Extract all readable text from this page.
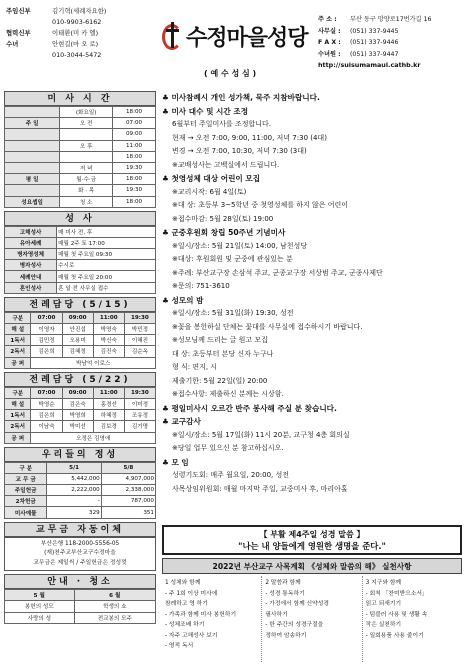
주임신부	김기혁(세례자요한)
010-9903-6162
협력신부	이태환(미 카 엘)
수녀	안현길(마 오 로)
010-3044-5472
수정마을성당
( 예 수 성 심 )
주 소 :	부산 동구 망양로17번가길 16
사무실 :	(051) 337-9445
F A X :	(051) 337-9446
수녀원 :	(051) 337-9447
http://suisumamaul.cathb.kr
미 사 시 간
	(화요일)	18:00
주 일	오 전	07:00
		09:00
	오 후	11:00
		18:00
	저 녁	19:30
평 일	월·수·금	18:00
	화 · 목	19:30
성요셉일	청 소	18:00
성 사
고해성사	매 미사 전, 후
유아세례	매월 2주 토 17:00
병자영성체	매월 첫 주요일 09:30
병자성사	수시로
세례안내	매월 첫 주요일 20:00
혼인성사	혼 일 전 사무실 접수
전례담당 (5/15)
구분	07:00	09:00	11:00	19:30
해 설	이영자	안진섭	박영숙	박민정
1독서	김민정	오용미	박신숙	이혜진
2독서	김은희	김혜정	김진숙	김순옥
공 퍼	박남억 이로스			
전례담당 (5/22)
구분	07:00	09:00	11:00	19:30
해 설	박영순	김은숙	홍경선	이미정
1독서	김은희	박영희	하혜정	조유정
2독서	이남숙	박미선	김보경	김기명
공 퍼	오정은 김영애			
우리들의 정성
구 분	5/1	5/8
교 무 금	5,442,000	4,907,000
주일헌금	2,222,000	2,338,000
2차헌금	-	787,000
미사예물	329	351
교무금 자동이체
부산은행 118-2000-5556-05
(재)천주교부산교구수정마을
교무금은 제일씩 / 주일헌금은 정성껏
안내 · 청소
5 월	6 월
봉헌의 성모	학생의 쇼
사랑의 성	전교봉의 모주
♣ 미사참례시 개인 성가책, 묵주 지참바랍니다.
♣ 미사 대수 및 시간 조정
6월부터 주일미사를 조정합니다.
현재 → 오전 7:00, 9:00, 11:00, 저녁 7:30 (4대)
변경 → 오전 7:00, 10:30, 저녁 7:30 (3대)
※교배성사는 고백실에서 드립니다.
♣ 첫영성체 대상 어린이 모집
※교리시작: 6월 4일(토)
※대 상: 초등부 3~5학년 중 첫영성체를 하지 않은 어린이
※접수마감: 5월 28일(토) 19:00
♣ 군중후원회 창립 50주년 기념미사
※일시/장소: 5월 21일(토) 14:00, 남천성당
※대상: 후원회원 및 군중에 관심있는 분
※주례: 부산교구장 손삼석 주교, 군종교구장 서상범 주교, 군종사제단
※문의: 751-3610
♣ 성모의 밤
※일시/장소: 5월 31일(화) 19:30, 성전
※꽃을 봉헌하실 단체는 꽃대를 사무실에 접수하시기 바랍니다.
※성모님께 드리는 글 원고 모집
대 상: 초등부터 본당 신자 누구나
형 식: 편지, 시
제출기한: 5월 22일(일) 20:00
※접수사항: 제출하신 분께는 시상함.
♣ 평일미사시 오르간 반주 봉사해 주실 분 찾습니다.
♣ 교구감사
※일시/장소: 5월 17일(화) 11시 20분, 교구청 4층 회의실
※당일 업무 있으신 분 참고하십시오.
♣ 모 임
성령기도회: 매주 월요일, 20:00, 성전
사목상임위원회: 매월 마지막 주일, 교중미사 후, 마리아홀
【 부활 제4주일 성경 말씀 】
"나는 내 양들에게 영원한 생명을 준다."
2022년 부산교구 사목계획 《성체와 말씀의 해》 실천사항
1 성체와 함께
- 주 1회 이상 미사에
참례하고 영 하기
- 가족과 함께 미사 봉헌하기
- 성체조배 하기
- 자주 고해성사 보기
- 영적 독서
2 말씀과 함께
- 성경 통독하기
- 가정에서 함께 신약성경
필사하기
- 한 주간의 성경구절을
정하여 암송하기
3 지구와 함께
- 회칙 「찬미받으소서」
읽고 되새기기
- 텀블러 사용 및 생활 속
작은 실천하기
- 일회용품 사용 줄이기
